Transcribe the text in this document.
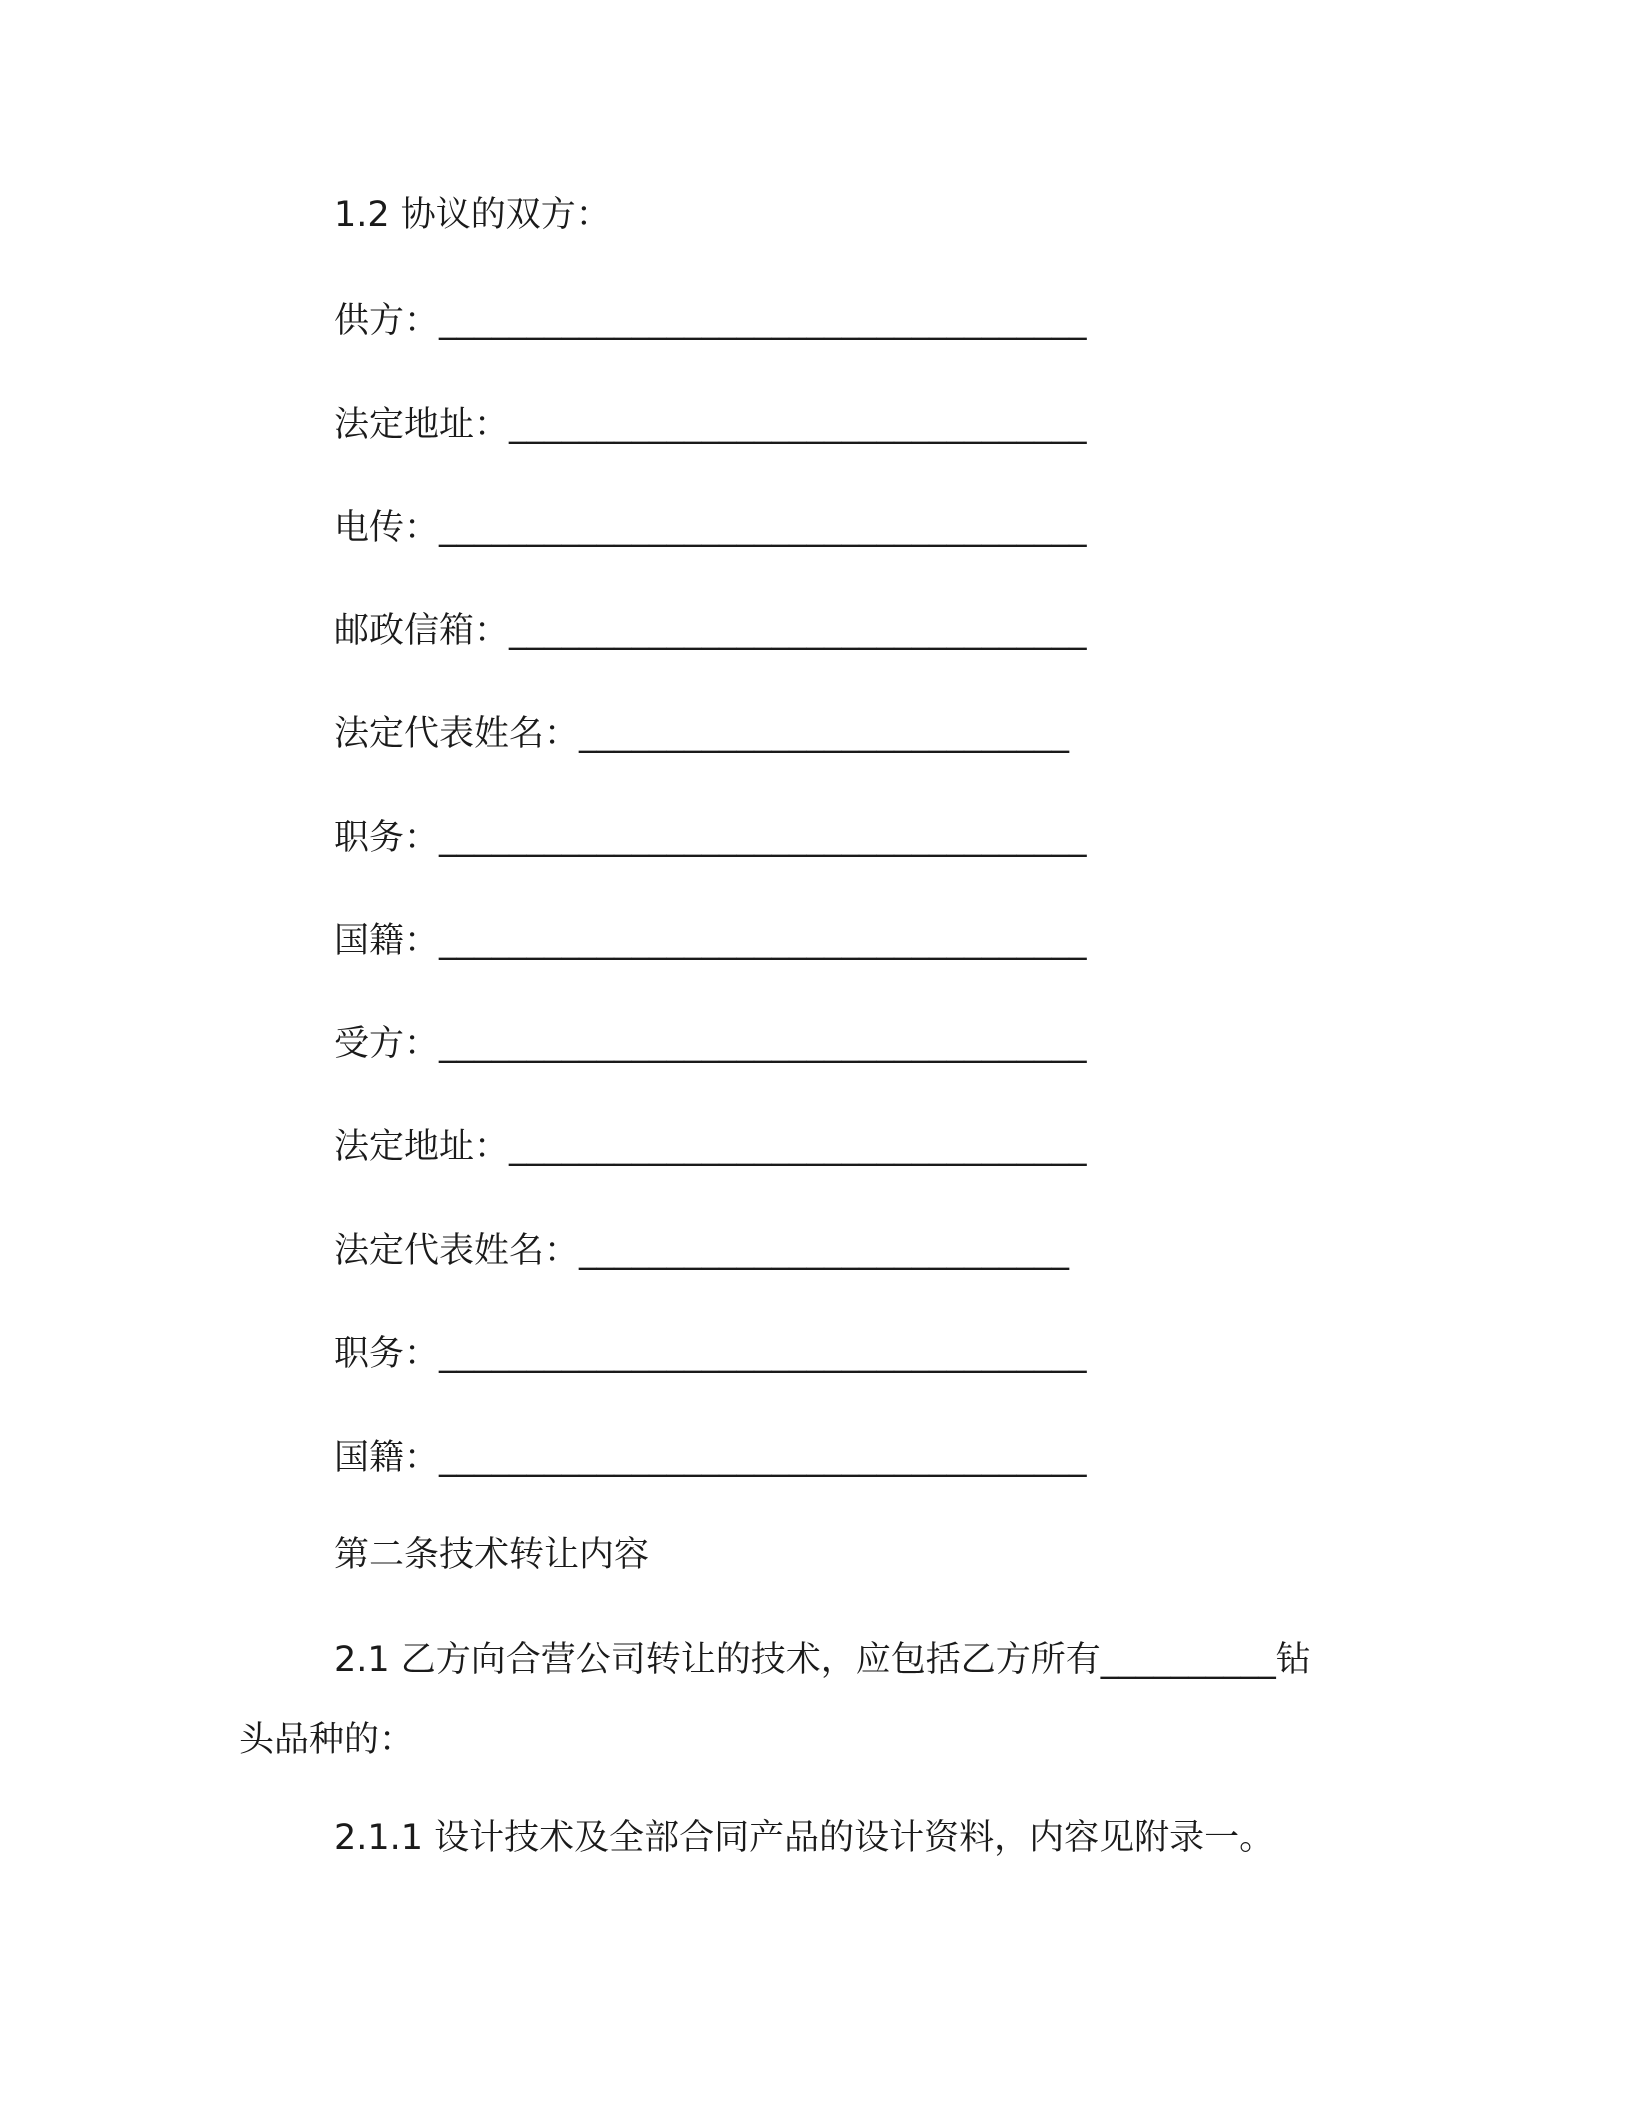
1.2 协议的双方：
供方：_____________________________________
法定地址：_________________________________
电传：_____________________________________
邮政信箱：_________________________________
法定代表姓名：____________________________
职务：_____________________________________
国籍：_____________________________________
受方：_____________________________________
法定地址：_________________________________
法定代表姓名：____________________________
职务：_____________________________________
国籍：_____________________________________
第二条技术转让内容
2.1 乙方向合营公司转让的技术，应包括乙方所有__________钻
头品种的：
2.1.1 设计技术及全部合同产品的设计资料，内容见附录一。
